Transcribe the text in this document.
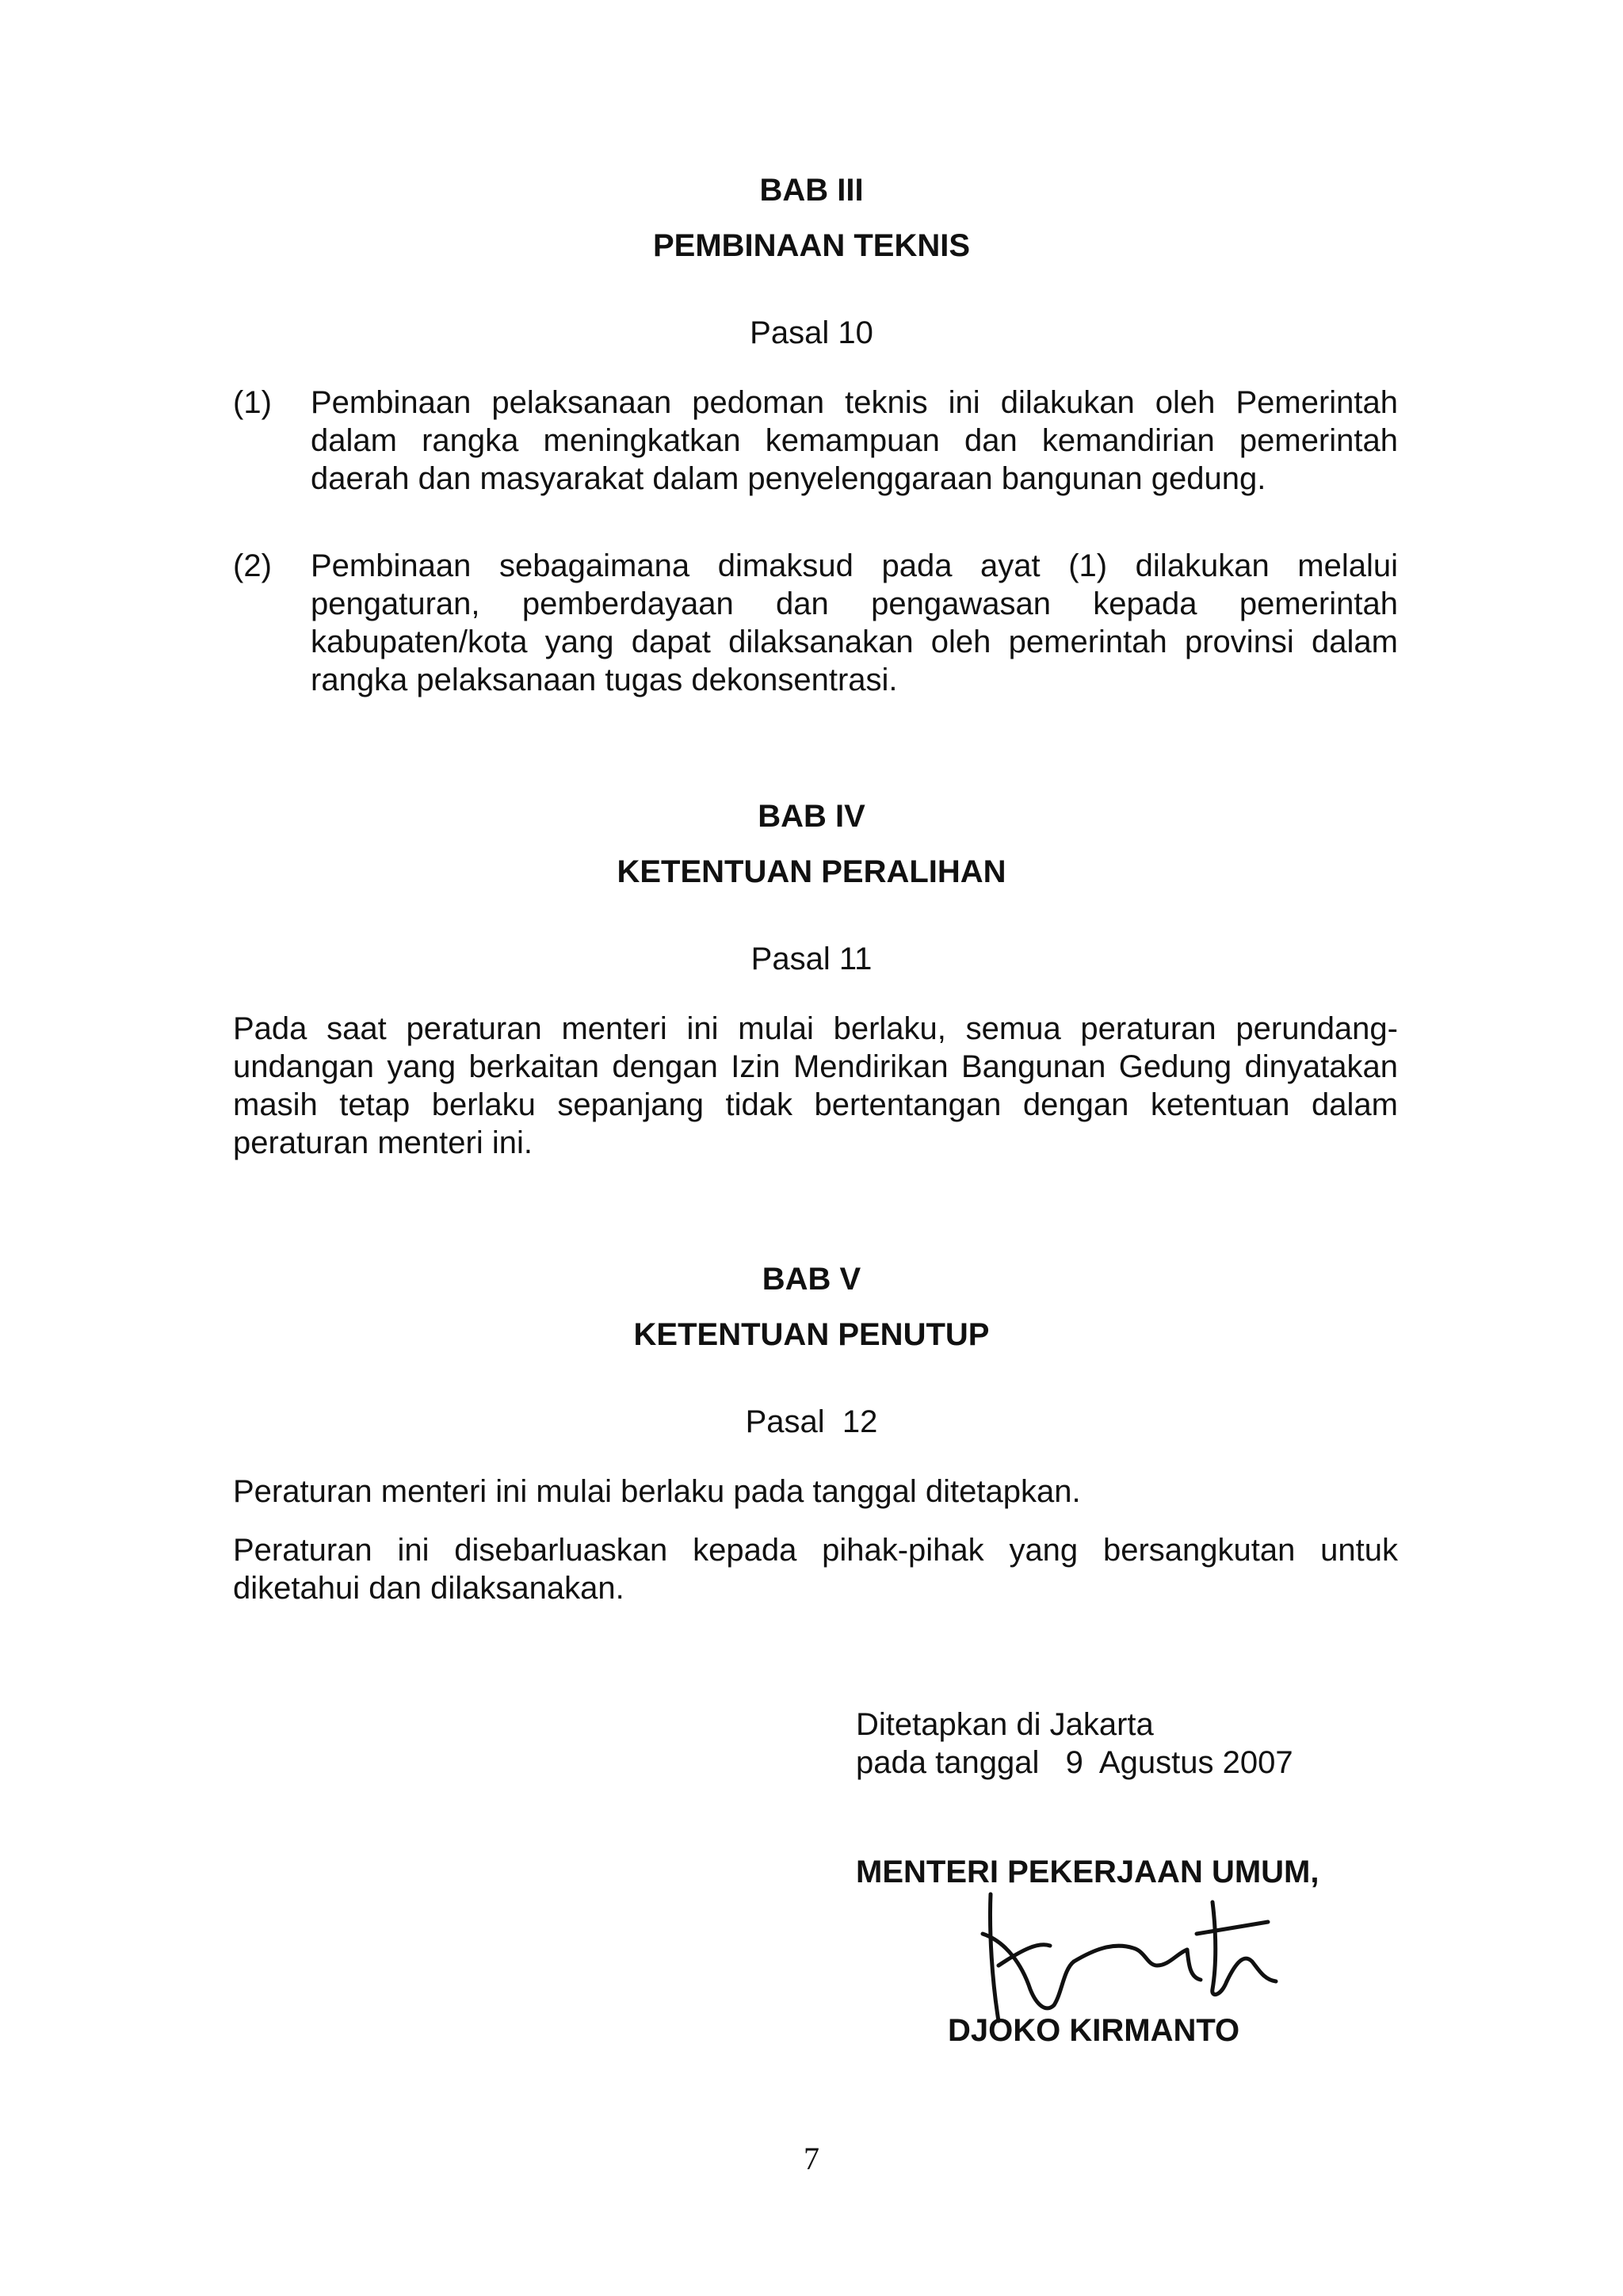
BAB III
PEMBINAAN TEKNIS
Pasal 10
(1) Pembinaan pelaksanaan pedoman teknis ini dilakukan oleh Pemerintah dalam rangka meningkatkan kemampuan dan kemandirian pemerintah daerah dan masyarakat dalam penyelenggaraan bangunan gedung.

(2) Pembinaan sebagaimana dimaksud pada ayat (1) dilakukan melalui pengaturan, pemberdayaan dan pengawasan kepada pemerintah kabupaten/kota yang dapat dilaksanakan oleh pemerintah provinsi dalam rangka pelaksanaan tugas dekonsentrasi.

BAB IV
KETENTUAN PERALIHAN
Pasal 11

Pada saat peraturan menteri ini mulai berlaku, semua peraturan perundang-undangan yang berkaitan dengan Izin Mendirikan Bangunan Gedung dinyatakan masih tetap berlaku sepanjang tidak bertentangan dengan ketentuan dalam peraturan menteri ini.

BAB V
KETENTUAN PENUTUP
Pasal  12

Peraturan menteri ini mulai berlaku pada tanggal ditetapkan.

Peraturan ini disebarluaskan kepada pihak-pihak yang bersangkutan untuk diketahui dan dilaksanakan.

Ditetapkan di Jakarta
pada tanggal   9  Agustus 2007
MENTERI PEKERJAAN UMUM,
DJOKO KIRMANTO
7
